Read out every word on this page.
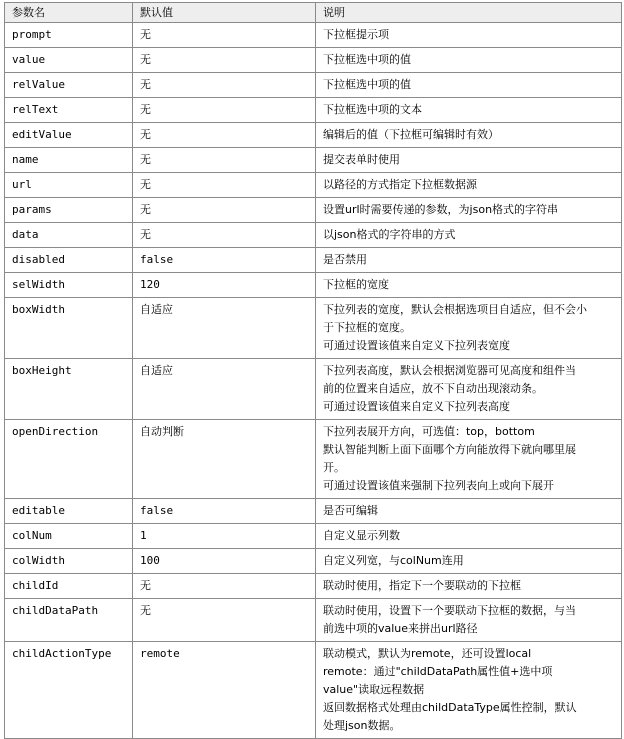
参数名	默认值	说明
prompt	无	下拉框提示项

value	无	下拉框选中项的值

relValue	无	下拉框选中项的值

relText	无	下拉框选中项的文本

editValue	无	编辑后的值（下拉框可编辑时有效）

name	无	提交表单时使用

url	无	以路径的方式指定下拉框数据源

params	无	设置url时需要传递的参数，为json格式的字符串

data	无	以json格式的字符串的方式

disabled	false	是否禁用

selWidth	120	下拉框的宽度

boxWidth	自适应	下拉列表的宽度，默认会根据选项目自适应，但不会小
于下拉框的宽度。
可通过设置该值来自定义下拉列表宽度

boxHeight	自适应	下拉列表高度，默认会根据浏览器可见高度和组件当
前的位置来自适应，放不下自动出现滚动条。
可通过设置该值来自定义下拉列表高度

openDirection	自动判断	下拉列表展开方向，可选值：top，bottom
默认智能判断上面下面哪个方向能放得下就向哪里展
开。
可通过设置该值来强制下拉列表向上或向下展开

editable	false	是否可编辑

colNum	1	自定义显示列数

colWidth	100	自定义列宽，与colNum连用

childId	无	联动时使用，指定下一个要联动的下拉框

childDataPath	无	联动时使用，设置下一个要联动下拉框的数据，与当
前选中项的value来拼出url路径

childActionType	remote	联动模式，默认为remote，还可设置local
remote：通过"childDataPath属性值+选中项
value"读取远程数据
返回数据格式处理由childDataType属性控制，默认
处理json数据。
